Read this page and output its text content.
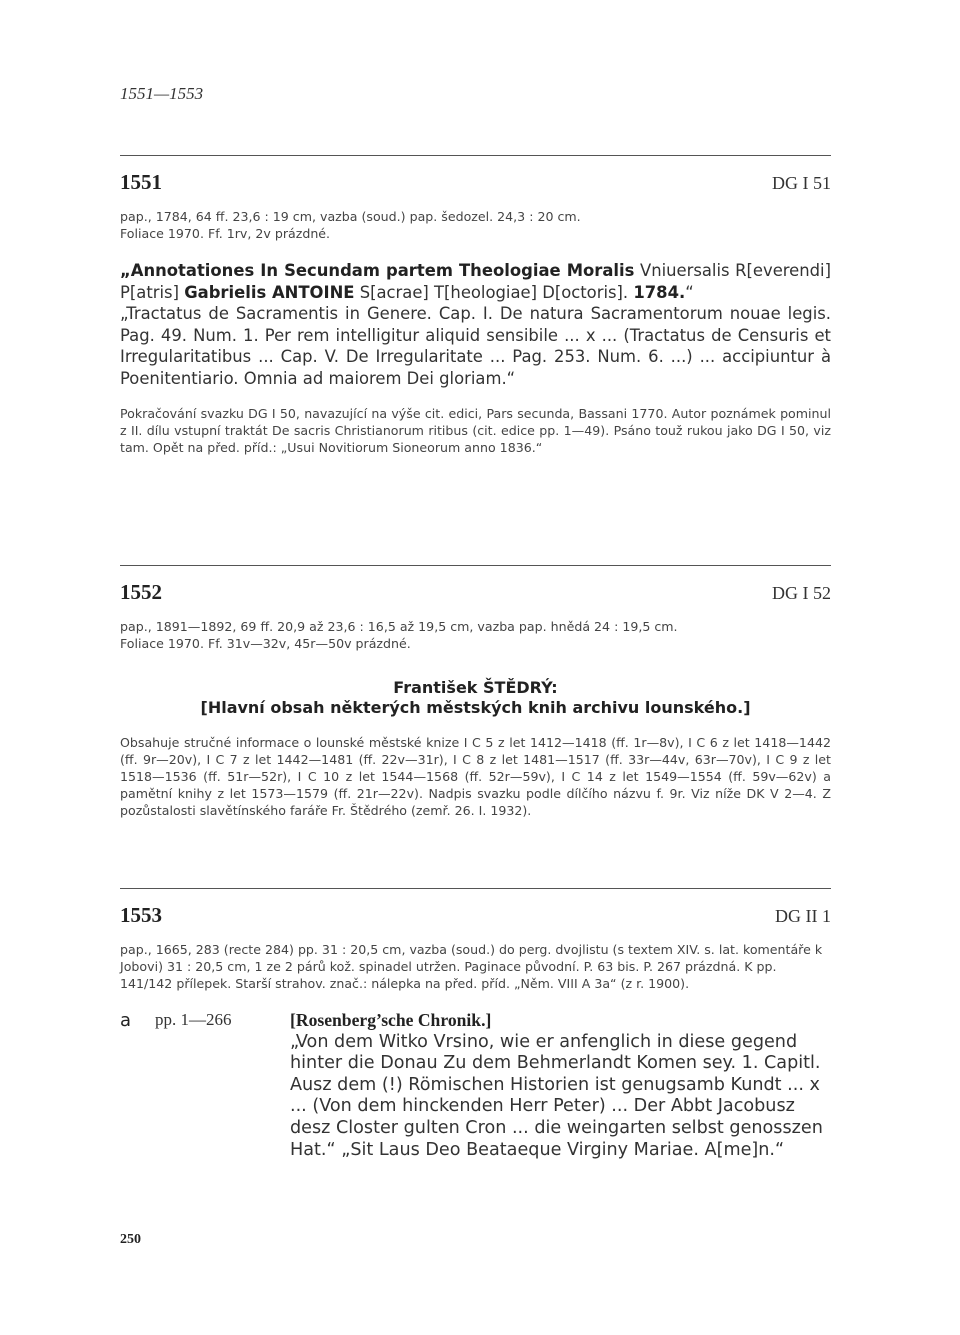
1551—1553
1551	DG I 51
pap., 1784, 64 ff. 23,6 : 19 cm, vazba (soud.) pap. šedozel. 24,3 : 20 cm.
Foliace 1970. Ff. 1rv, 2v prázdné.
„Annotationes In Secundam partem Theologiae Moralis Vniuersalis R[everendi] P[atris] Gabrielis ANTOINE S[acrae] T[heologiae] D[octoris]. 1784.“
„Tractatus de Sacramentis in Genere. Cap. I. De natura Sacramentorum nouae legis. Pag. 49. Num. 1. Per rem intelligitur aliquid sensibile ... x ... (Tractatus de Censuris et Irregularitatibus ... Cap. V. De Irregularitate ... Pag. 253. Num. 6. ...) ... accipiuntur à Poenitentiario. Omnia ad maiorem Dei gloriam.“
Pokračování svazku DG I 50, navazující na výše cit. edici, Pars secunda, Bassani 1770. Autor poznámek pominul z II. dílu vstupní traktát De sacris Christianorum ritibus (cit. edice pp. 1—49). Psáno touž rukou jako DG I 50, viz tam. Opět na před. příd.: „Usui Novitiorum Sioneorum anno 1836.“
1552	DG I 52
pap., 1891—1892, 69 ff. 20,9 až 23,6 : 16,5 až 19,5 cm, vazba pap. hnědá 24 : 19,5 cm.
Foliace 1970. Ff. 31v—32v, 45r—50v prázdné.
František ŠTĚDRÝ:
[Hlavní obsah některých městských knih archivu lounského.]
Obsahuje stručné informace o lounské městské knize I C 5 z let 1412—1418 (ff. 1r—8v), I C 6 z let 1418—1442 (ff. 9r—20v), I C 7 z let 1442—1481 (ff. 22v—31r), I C 8 z let 1481—1517 (ff. 33r—44v, 63r—70v), I C 9 z let 1518—1536 (ff. 51r—52r), I C 10 z let 1544—1568 (ff. 52r—59v), I C 14 z let 1549—1554 (ff. 59v—62v) a pamětní knihy z let 1573—1579 (ff. 21r—22v). Nadpis svazku podle dílčího názvu f. 9r. Viz níže DK V 2—4. Z pozůstalosti slavětínského faráře Fr. Štědrého (zemř. 26. I. 1932).
1553	DG II 1
pap., 1665, 283 (recte 284) pp. 31 : 20,5 cm, vazba (soud.) do perg. dvojlistu (s textem XIV. s. lat. komentáře k Jobovi) 31 : 20,5 cm, 1 ze 2 párů kož. spinadel utržen. Paginace původní. P. 63 bis. P. 267 prázdná. K pp. 141/142 přílepek. Starší strahov. znač.: nálepka na před. příd. „Něm. VIII A 3a“ (z r. 1900).
a	pp. 1—266	[Rosenberg’sche Chronik.]
„Von dem Witko Vrsino, wie er anfenglich in diese gegend hinter die Donau Zu dem Behmerlandt Komen sey. 1. Capitl. Ausz dem (!) Römischen Historien ist genugsamb Kundt ... x ... (Von dem hinckenden Herr Peter) ... Der Abbt Jacobusz desz Closter gulten Cron ... die weingarten selbst genosszen Hat.“ „Sit Laus Deo Beataeque Virginy Mariae. A[me]n.“
250
